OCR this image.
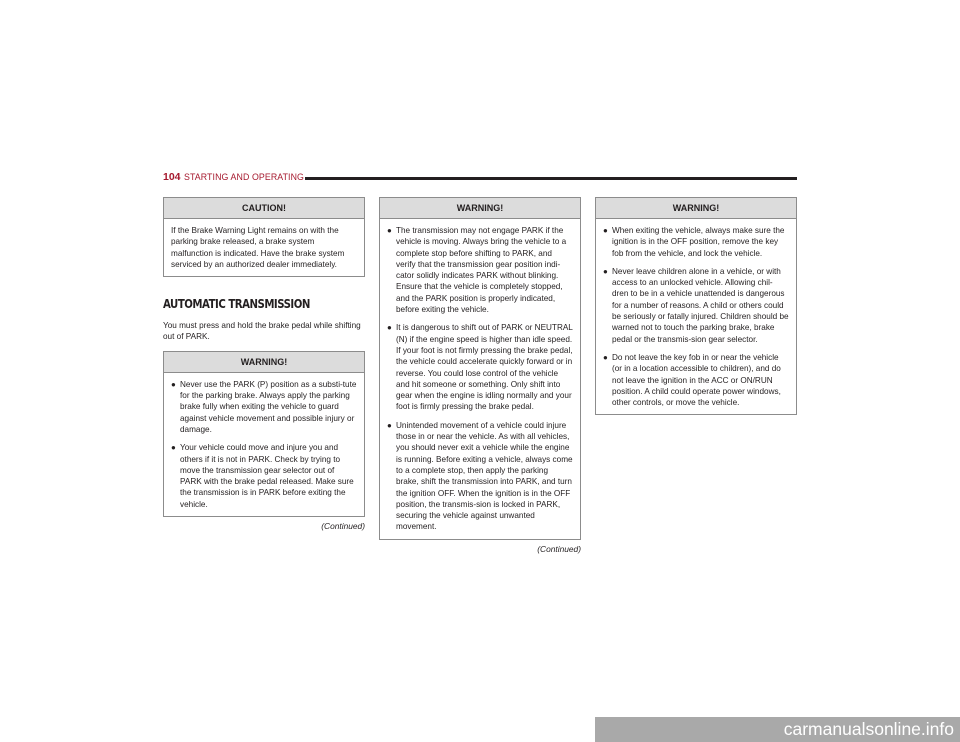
104 STARTING AND OPERATING
CAUTION!

If the Brake Warning Light remains on with the parking brake released, a brake system malfunction is indicated. Have the brake system serviced by an authorized dealer immediately.

AUTOMATIC TRANSMISSION

You must press and hold the brake pedal while shifting out of PARK.

WARNING!
● Never use the PARK (P) position as a substi-tute for the parking brake. Always apply the parking brake fully when exiting the vehicle to guard against vehicle movement and possible injury or damage.
● Your vehicle could move and injure you and others if it is not in PARK. Check by trying to move the transmission gear selector out of PARK with the brake pedal released. Make sure the transmission is in PARK before exiting the vehicle.
(Continued)
WARNING!
● The transmission may not engage PARK if the vehicle is moving. Always bring the vehicle to a complete stop before shifting to PARK, and verify that the transmission gear position indi-cator solidly indicates PARK without blinking. Ensure that the vehicle is completely stopped, and the PARK position is properly indicated, before exiting the vehicle.
● It is dangerous to shift out of PARK or NEUTRAL (N) if the engine speed is higher than idle speed. If your foot is not firmly pressing the brake pedal, the vehicle could accelerate quickly forward or in reverse. You could lose control of the vehicle and hit someone or something. Only shift into gear when the engine is idling normally and your foot is firmly pressing the brake pedal.
● Unintended movement of a vehicle could injure those in or near the vehicle. As with all vehicles, you should never exit a vehicle while the engine is running. Before exiting a vehicle, always come to a complete stop, then apply the parking brake, shift the transmission into PARK, and turn the ignition OFF. When the ignition is in the OFF position, the transmis-sion is locked in PARK, securing the vehicle against unwanted movement.
(Continued)
WARNING!
● When exiting the vehicle, always make sure the ignition is in the OFF position, remove the key fob from the vehicle, and lock the vehicle.
● Never leave children alone in a vehicle, or with access to an unlocked vehicle. Allowing chil-dren to be in a vehicle unattended is dangerous for a number of reasons. A child or others could be seriously or fatally injured. Children should be warned not to touch the parking brake, brake pedal or the transmis-sion gear selector.
● Do not leave the key fob in or near the vehicle (or in a location accessible to children), and do not leave the ignition in the ACC or ON/RUN position. A child could operate power windows, other controls, or move the vehicle.
carmanualsonline.info
